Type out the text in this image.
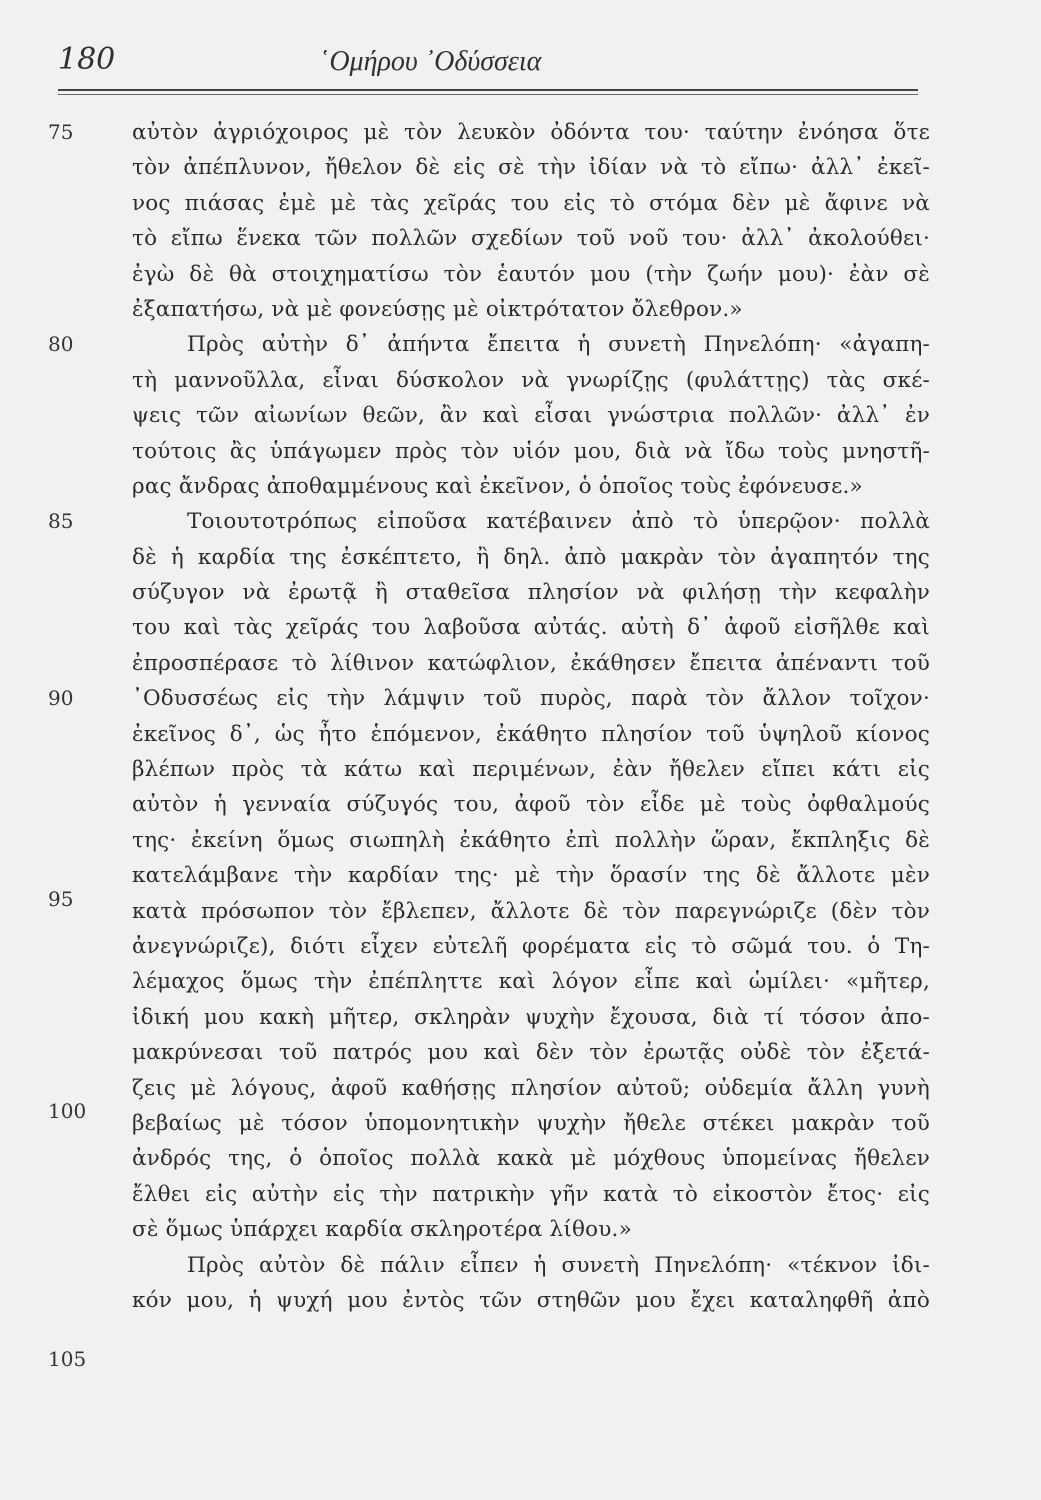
180	῾Ομήρου ᾿Οδύσσεια
75
80
85
90
95
100
105
αὐτὸν ἀγριόχοιρος μὲ τὸν λευκὸν ὀδόντα του· ταύτην ἐνόησα ὅτε
τὸν ἀπέπλυνον, ἤθελον δὲ εἰς σὲ τὴν ἰδίαν νὰ τὸ εἴπω· ἀλλ᾿ ἐκεῖ-
νος πιάσας ἐμὲ μὲ τὰς χεῖράς του εἰς τὸ στόμα δὲν μὲ ἄφινε νὰ
τὸ εἴπω ἕνεκα τῶν πολλῶν σχεδίων τοῦ νοῦ του· ἀλλ᾿ ἀκολούθει·
ἐγὼ δὲ θὰ στοιχηματίσω τὸν ἑαυτόν μου (τὴν ζωήν μου)· ἐὰν σὲ
ἐξαπατήσω, νὰ μὲ φονεύσῃς μὲ οἰκτρότατον ὄλεθρον.»
Πρὸς αὐτὴν δ᾿ ἀπήντα ἔπειτα ἡ συνετὴ Πηνελόπη· «ἀγαπη-
τὴ μαννοῦλλα, εἶναι δύσκολον νὰ γνωρίζῃς (φυλάττῃς) τὰς σκέ-
ψεις τῶν αἰωνίων θεῶν, ἂν καὶ εἶσαι γνώστρια πολλῶν· ἀλλ᾿ ἐν
τούτοις ἂς ὑπάγωμεν πρὸς τὸν υἱόν μου, διὰ νὰ ἴδω τοὺς μνηστῆ-
ρας ἄνδρας ἀποθαμμένους καὶ ἐκεῖνον, ὁ ὁποῖος τοὺς ἐφόνευσε.»
Τοιουτοτρόπως εἰποῦσα κατέβαινεν ἀπὸ τὸ ὑπερῷον· πολλὰ
δὲ ἡ καρδία της ἐσκέπτετο, ἢ δηλ. ἀπὸ μακρὰν τὸν ἀγαπητόν της
σύζυγον νὰ ἐρωτᾷ ἢ σταθεῖσα πλησίον νὰ φιλήσῃ τὴν κεφαλὴν
του καὶ τὰς χεῖράς του λαβοῦσα αὐτάς. αὐτὴ δ᾿ ἀφοῦ εἰσῆλθε καὶ
ἐπροσπέρασε τὸ λίθινον κατώφλιον, ἐκάθησεν ἔπειτα ἀπέναντι τοῦ
᾿Οδυσσέως εἰς τὴν λάμψιν τοῦ πυρὸς, παρὰ τὸν ἄλλον τοῖχον·
ἐκεῖνος δ᾿, ὡς ἦτο ἑπόμενον, ἐκάθητο πλησίον τοῦ ὑψηλοῦ κίονος
βλέπων πρὸς τὰ κάτω καὶ περιμένων, ἐὰν ἤθελεν εἴπει κάτι εἰς
αὐτὸν ἡ γενναία σύζυγός του, ἀφοῦ τὸν εἶδε μὲ τοὺς ὀφθαλμούς
της· ἐκείνη ὅμως σιωπηλὴ ἐκάθητο ἐπὶ πολλὴν ὥραν, ἔκπληξις δὲ
κατελάμβανε τὴν καρδίαν της· μὲ τὴν ὅρασίν της δὲ ἄλλοτε μὲν
κατὰ πρόσωπον τὸν ἔβλεπεν, ἄλλοτε δὲ τὸν παρεγνώριζε (δὲν τὸν
ἀνεγνώριζε), διότι εἶχεν εὐτελῆ φορέματα εἰς τὸ σῶμά του. ὁ Τη-
λέμαχος ὅμως τὴν ἐπέπληττε καὶ λόγον εἶπε καὶ ὡμίλει· «μῆτερ,
ἰδική μου κακὴ μῆτερ, σκληρὰν ψυχὴν ἔχουσα, διὰ τί τόσον ἀπο-
μακρύνεσαι τοῦ πατρός μου καὶ δὲν τὸν ἐρωτᾷς οὐδὲ τὸν ἐξετά-
ζεις μὲ λόγους, ἀφοῦ καθήσῃς πλησίον αὐτοῦ; οὐδεμία ἄλλη γυνὴ
βεβαίως μὲ τόσον ὑπομονητικὴν ψυχὴν ἤθελε στέκει μακρὰν τοῦ
ἀνδρός της, ὁ ὁποῖος πολλὰ κακὰ μὲ μόχθους ὑπομείνας ἤθελεν
ἔλθει εἰς αὐτὴν εἰς τὴν πατρικὴν γῆν κατὰ τὸ εἰκοστὸν ἔτος· εἰς
σὲ ὅμως ὑπάρχει καρδία σκληροτέρα λίθου.»
Πρὸς αὐτὸν δὲ πάλιν εἶπεν ἡ συνετὴ Πηνελόπη· «τέκνον ἰδι-
κόν μου, ἡ ψυχή μου ἐντὸς τῶν στηθῶν μου ἔχει καταληφθῆ ἀπὸ
